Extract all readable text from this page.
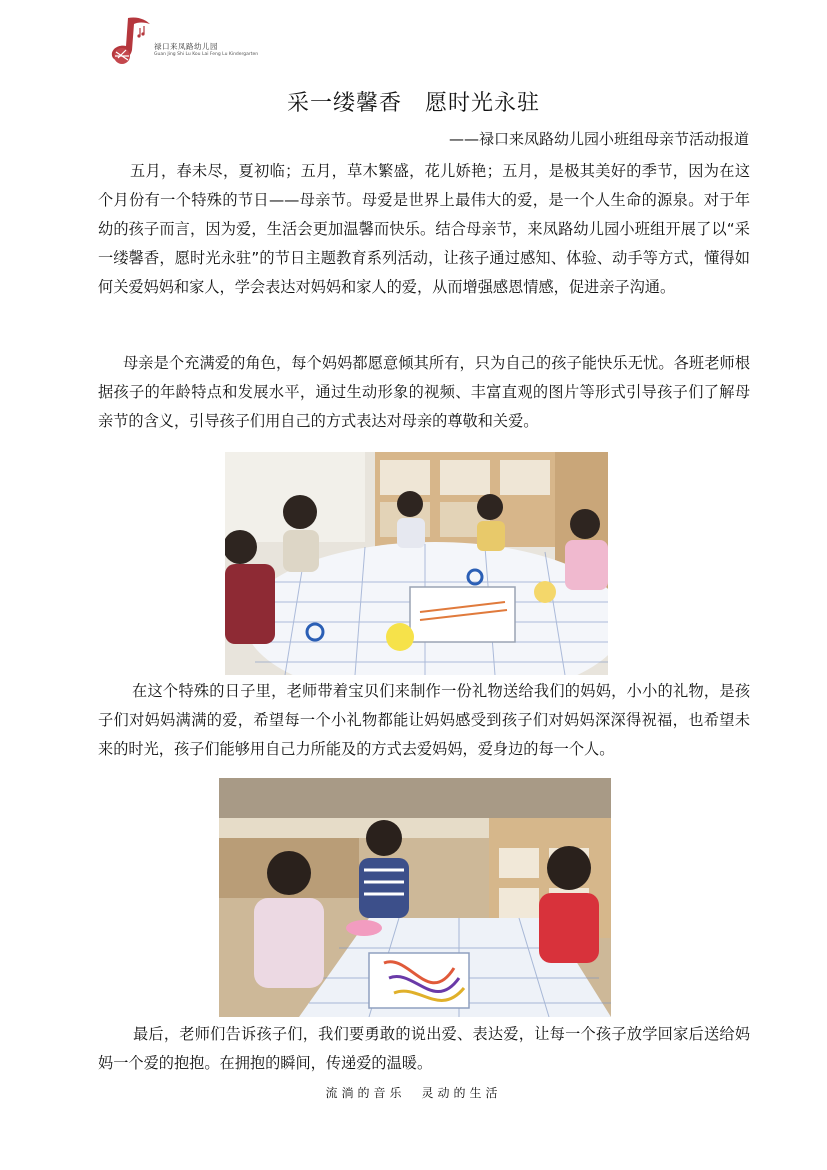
禄口来凤路幼儿园
Guan Jing Shi Lu Kou Lai Feng Lu Kindergarten
采一缕馨香　愿时光永驻
——禄口来凤路幼儿园小班组母亲节活动报道

五月，春未尽，夏初临；五月，草木繁盛，花儿娇艳；五月，是极其美好的季节，因为在这个月份有一个特殊的节日——母亲节。母爱是世界上最伟大的爱，是一个人生命的源泉。对于年幼的孩子而言，因为爱，生活会更加温馨而快乐。结合母亲节，来凤路幼儿园小班组开展了以“采一缕馨香，愿时光永驻”的节日主题教育系列活动，让孩子通过感知、体验、动手等方式，懂得如何关爱妈妈和家人，学会表达对妈妈和家人的爱，从而增强感恩情感，促进亲子沟通。

母亲是个充满爱的角色，每个妈妈都愿意倾其所有，只为自己的孩子能快乐无忧。各班老师根据孩子的年龄特点和发展水平，通过生动形象的视频、丰富直观的图片等形式引导孩子们了解母亲节的含义，引导孩子们用自己的方式表达对母亲的尊敬和关爱。

在这个特殊的日子里，老师带着宝贝们来制作一份礼物送给我们的妈妈，小小的礼物，是孩子们对妈妈满满的爱，希望每一个小礼物都能让妈妈感受到孩子们对妈妈深深得祝福，也希望未来的时光，孩子们能够用自己力所能及的方式去爱妈妈，爱身边的每一个人。

最后，老师们告诉孩子们，我们要勇敢的说出爱、表达爱，让每一个孩子放学回家后送给妈妈一个爱的抱抱。在拥抱的瞬间，传递爱的温暖。

流淌的音乐　灵动的生活
